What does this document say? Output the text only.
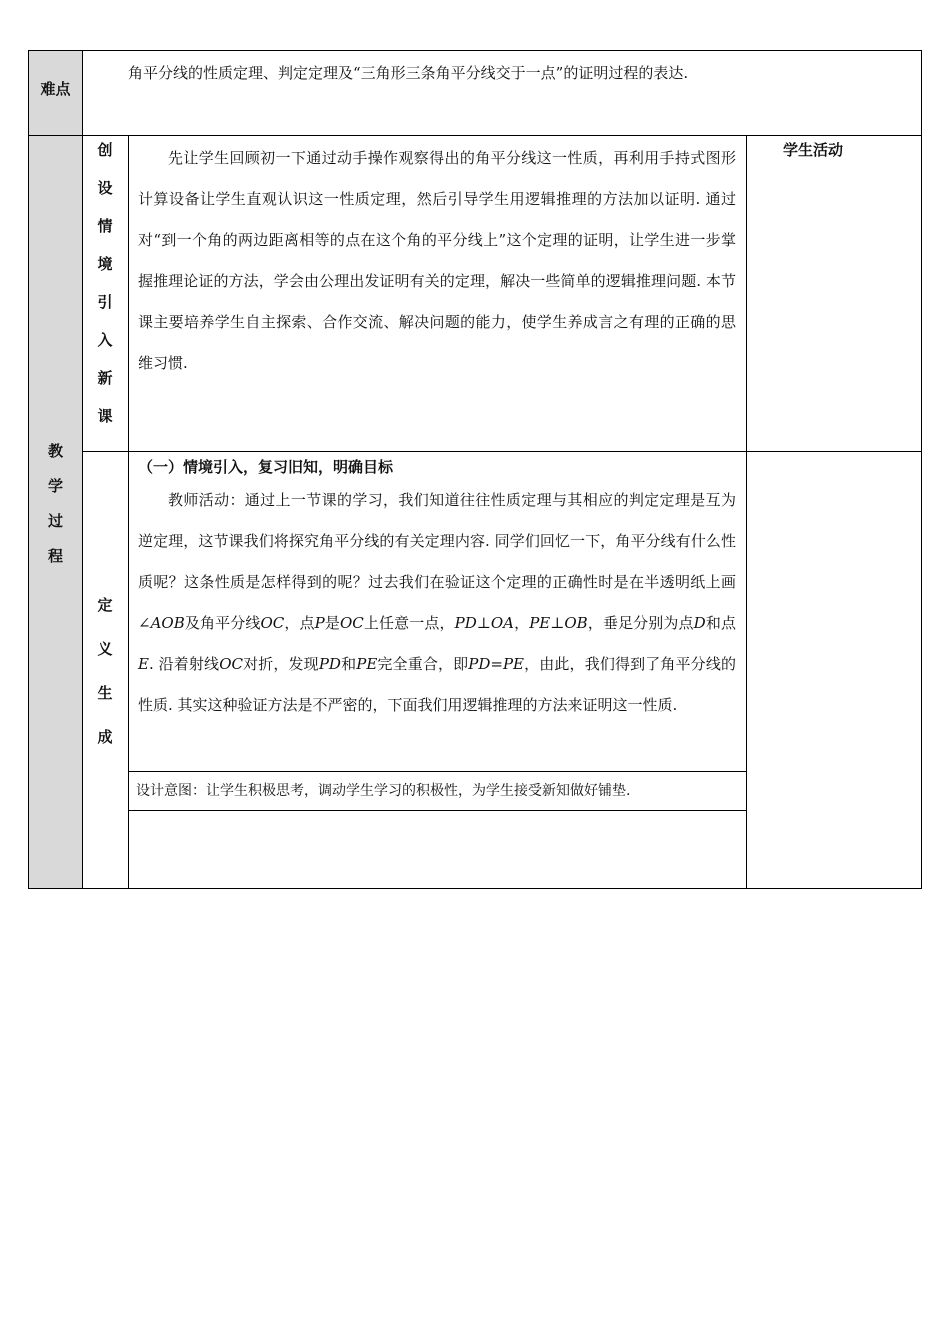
难点
角平分线的性质定理、判定定理及“三角形三条角平分线交于一点”的证明过程的表达.
教
学
过
程
创
设
情
境
引
入
新
课
先让学生回顾初一下通过动手操作观察得出的角平分线这一性质，再利用手持式图形计算设备让学生直观认识这一性质定理，然后引导学生用逻辑推理的方法加以证明. 通过对“到一个角的两边距离相等的点在这个角的平分线上”这个定理的证明，让学生进一步掌握推理论证的方法，学会由公理出发证明有关的定理，解决一些简单的逻辑推理问题. 本节课主要培养学生自主探索、合作交流、解决问题的能力，使学生养成言之有理的正确的思维习惯.
学生活动
定
义
生
成
（一）情境引入，复习旧知，明确目标
教师活动：通过上一节课的学习，我们知道往往性质定理与其相应的判定定理是互为逆定理，这节课我们将探究角平分线的有关定理内容. 同学们回忆一下，角平分线有什么性质呢？这条性质是怎样得到的呢？过去我们在验证这个定理的正确性时是在半透明纸上画∠AOB及角平分线OC，点P是OC上任意一点，PD⊥OA，PE⊥OB，垂足分别为点D和点E. 沿着射线OC对折，发现PD和PE完全重合，即PD=PE，由此，我们得到了角平分线的性质. 其实这种验证方法是不严密的，下面我们用逻辑推理的方法来证明这一性质.
设计意图：让学生积极思考，调动学生学习的积极性，为学生接受新知做好铺垫.
